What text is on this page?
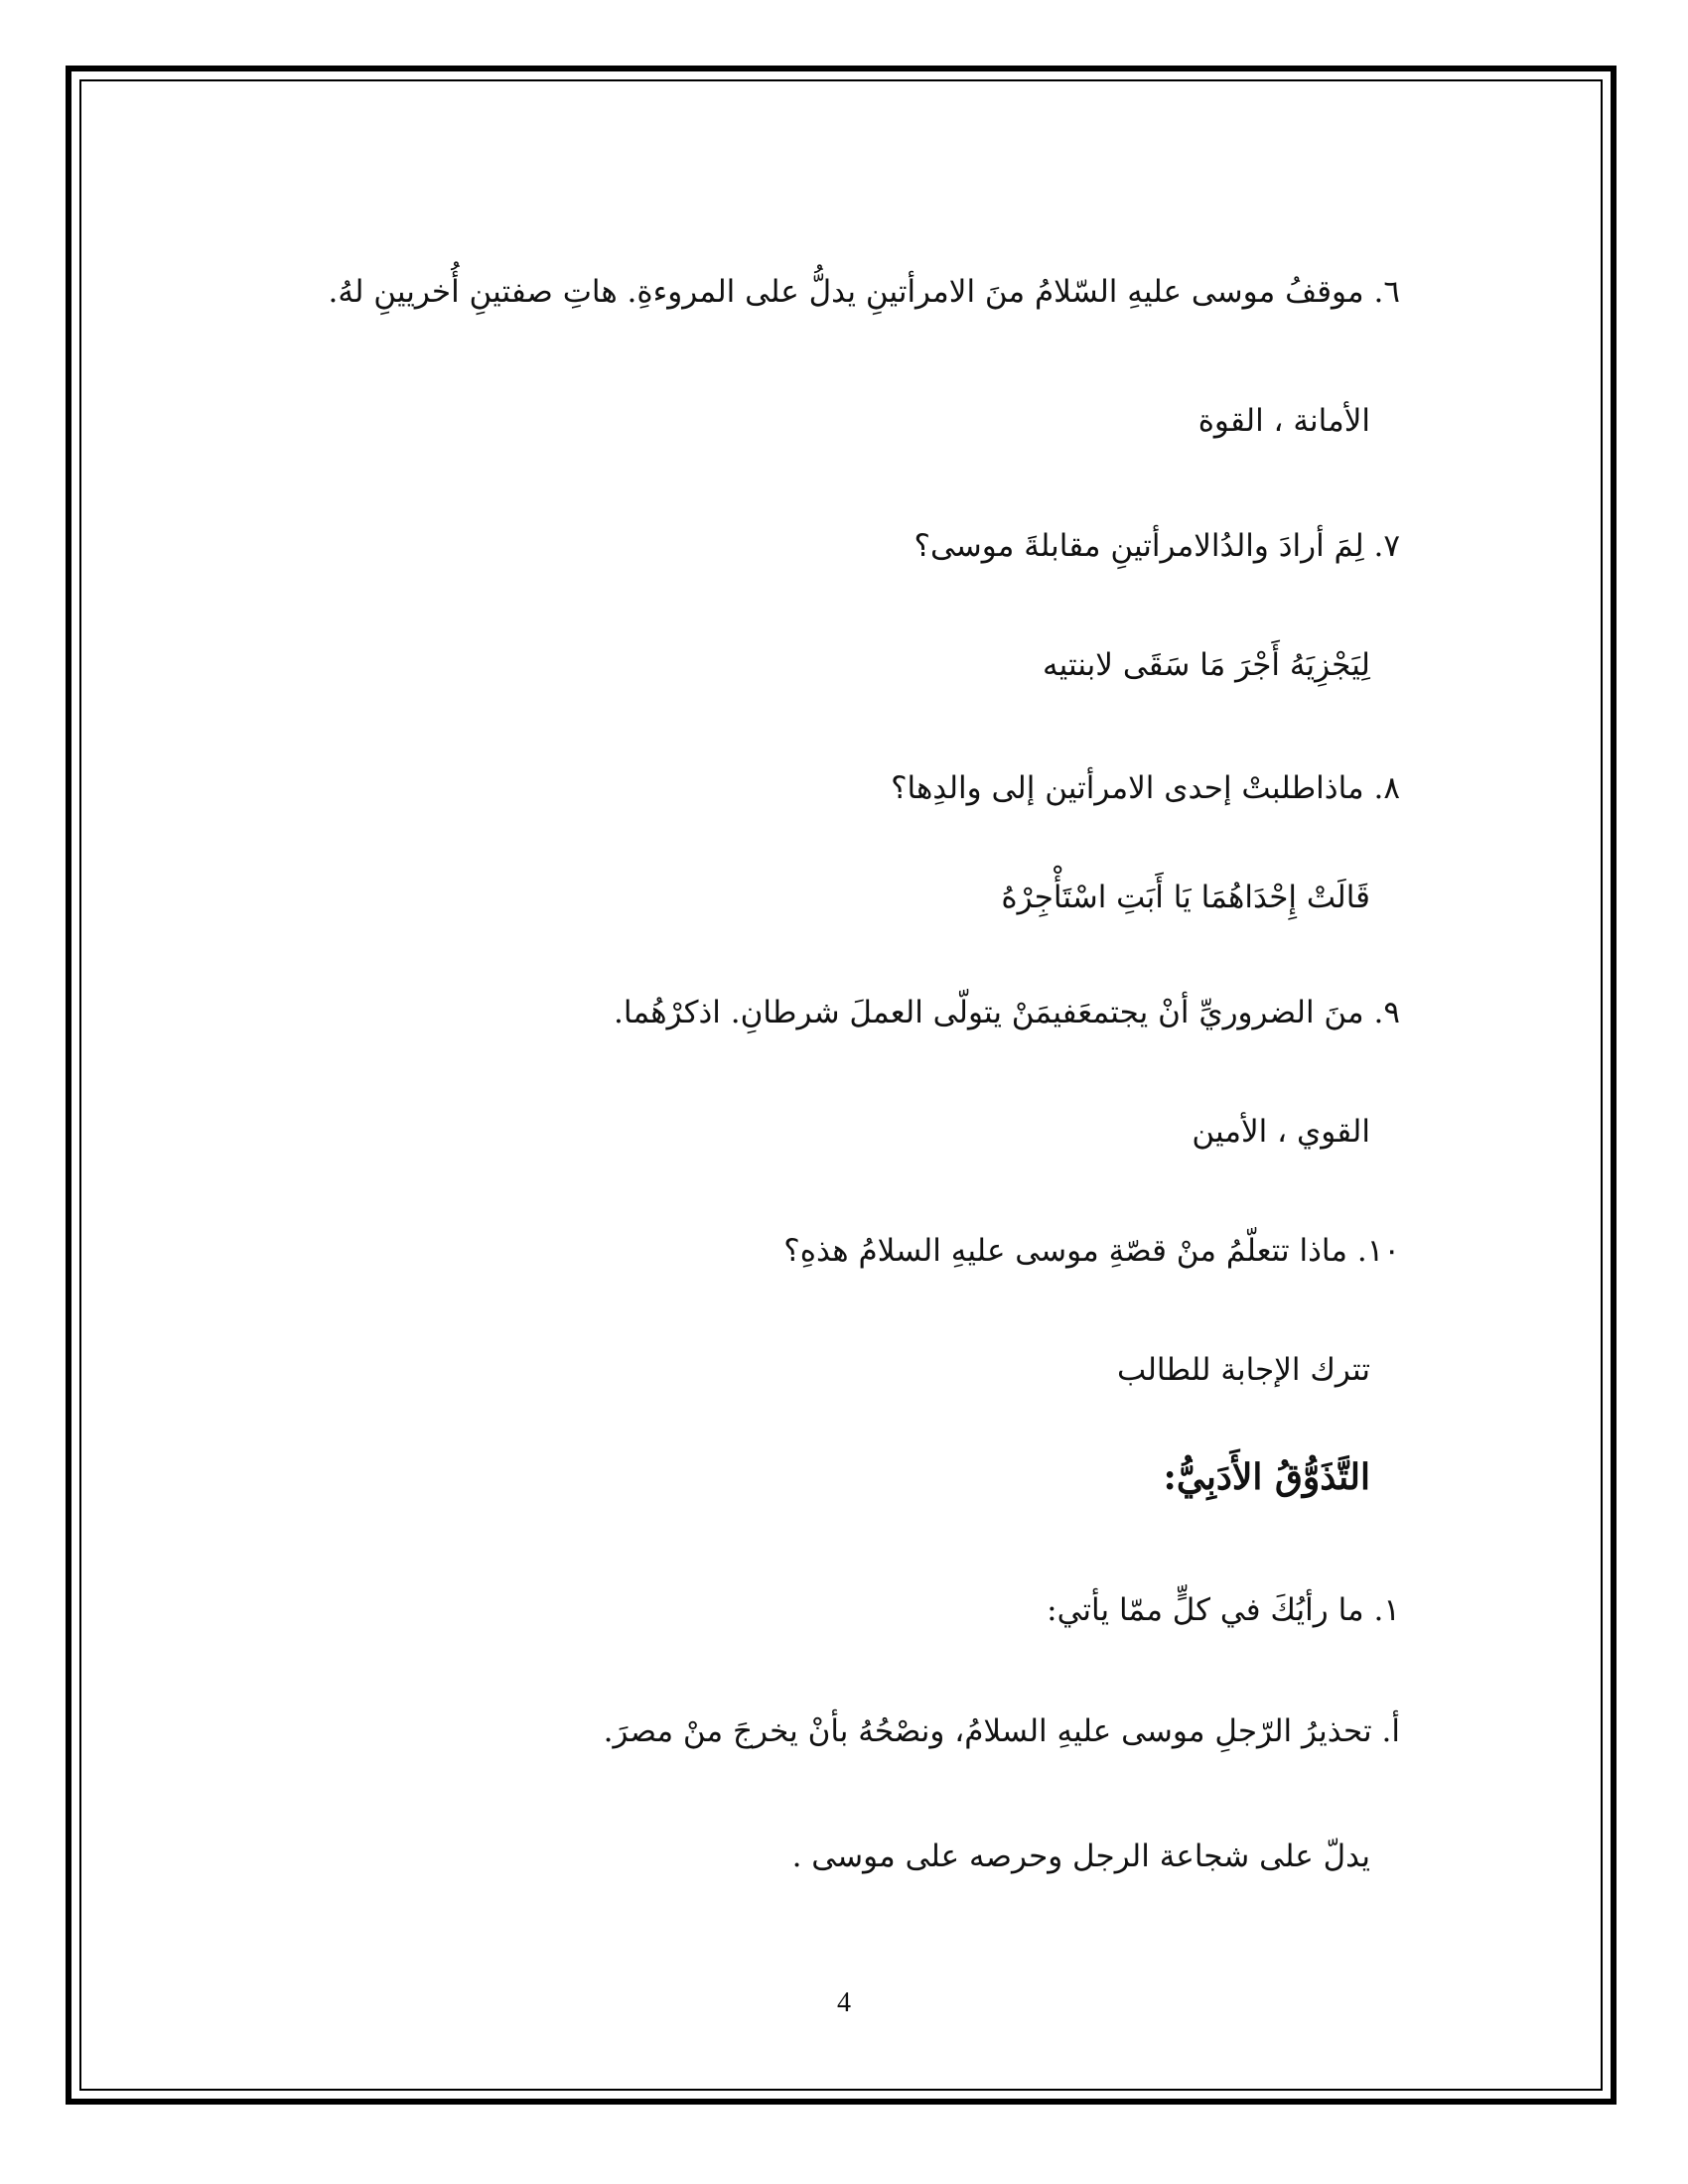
٦. موقفُ موسى عليهِ السّلامُ منَ الامرأتينِ يدلُّ على المروءةِ. هاتِ صفتينِ أُخريينِ لهُ.
الأمانة ، القوة
٧. لِمَ أرادَ والدُالامرأتينِ مقابلةَ موسى؟
لِيَجْزِيَهُ أَجْرَ مَا سَقَى لابنتيه
٨. ماذاطلبتْ إحدى الامرأتين إلى والدِها؟
قَالَتْ إِحْدَاهُمَا يَا أَبَتِ اسْتَأْجِرْهُ
٩. منَ الضروريِّ أنْ يجتمعَفيمَنْ يتولّى العملَ شرطانِ. اذكرْهُما.
القوي ، الأمين
١٠. ماذا تتعلّمُ منْ قصّةِ موسى عليهِ السلامُ هذهِ؟
تترك الإجابة للطالب
التَّذَوُّقُ الأَدَبِيُّ:
١. ما رأيُكَ في كلٍّ ممّا يأتي:
أ. تحذيرُ الرّجلِ موسى عليهِ السلامُ، ونصْحُهُ بأنْ يخرجَ منْ مصرَ.
يدلّ على شجاعة الرجل وحرصه على موسى .
4
